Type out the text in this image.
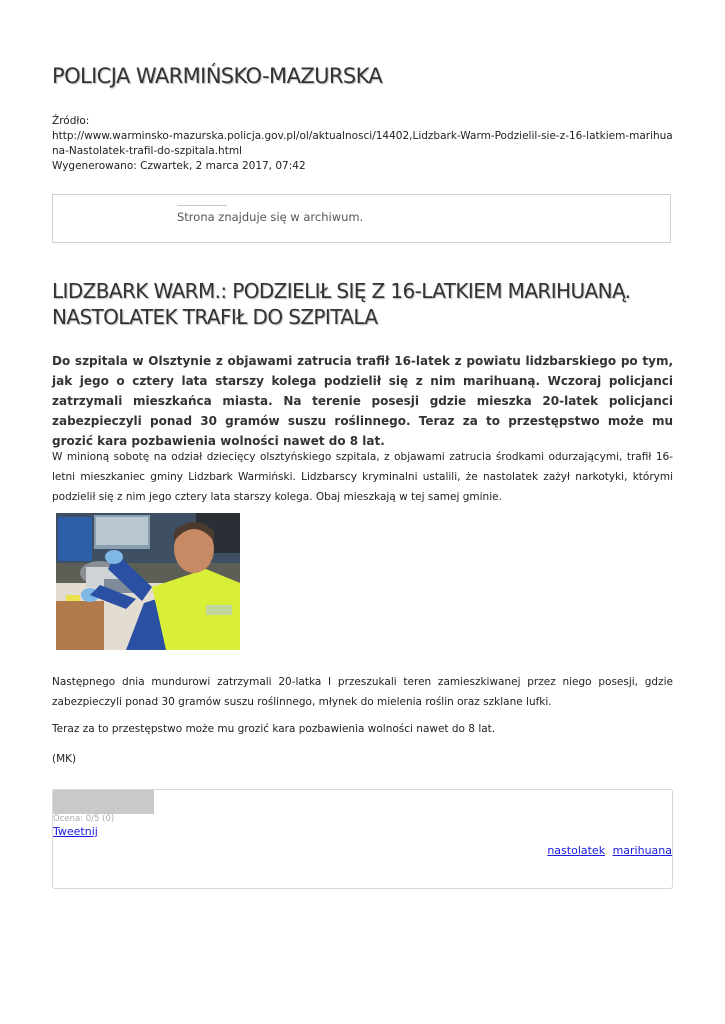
POLICJA WARMIŃSKO-MAZURSKA
Źródło:
http://www.warminsko-mazurska.policja.gov.pl/ol/aktualnosci/14402,Lidzbark-Warm-Podzielil-sie-z-16-latkiem-marihuana-Nastolatek-trafil-do-szpitala.html
Wygenerowano: Czwartek, 2 marca 2017, 07:42
Strona znajduje się w archiwum.
LIDZBARK WARM.: PODZIELIŁ SIĘ Z 16-LATKIEM MARIHUANĄ. NASTOLATEK TRAFIŁ DO SZPITALA

Do szpitala w Olsztynie z objawami zatrucia trafił 16-latek z powiatu lidzbarskiego po tym, jak jego o cztery lata starszy kolega podzielił się z nim marihuaną. Wczoraj policjanci zatrzymali mieszkańca miasta. Na terenie posesji gdzie mieszka 20-latek policjanci zabezpieczyli ponad 30 gramów suszu roślinnego. Teraz za to przestępstwo może mu grozić kara pozbawienia wolności nawet do 8 lat.

W minioną sobotę na odział dziecięcy olsztyńskiego szpitala, z objawami zatrucia środkami odurzającymi, trafił 16-letni mieszkaniec gminy Lidzbark Warmiński. Lidzbarscy kryminalni ustalili, że nastolatek zażył narkotyki, którymi podzielił się z nim jego cztery lata starszy kolega. Obaj mieszkają w tej samej gminie.

Następnego dnia mundurowi zatrzymali 20-latka I przeszukali teren zamieszkiwanej przez niego posesji, gdzie zabezpieczyli ponad 30 gramów suszu roślinnego, młynek do mielenia roślin oraz szklane lufki.

Teraz za to przestępstwo może mu grozić kara pozbawienia wolności nawet do 8 lat.

(MK)

Ocena: 0/5 (0)
Tweetnij
nastolatek marihuana
